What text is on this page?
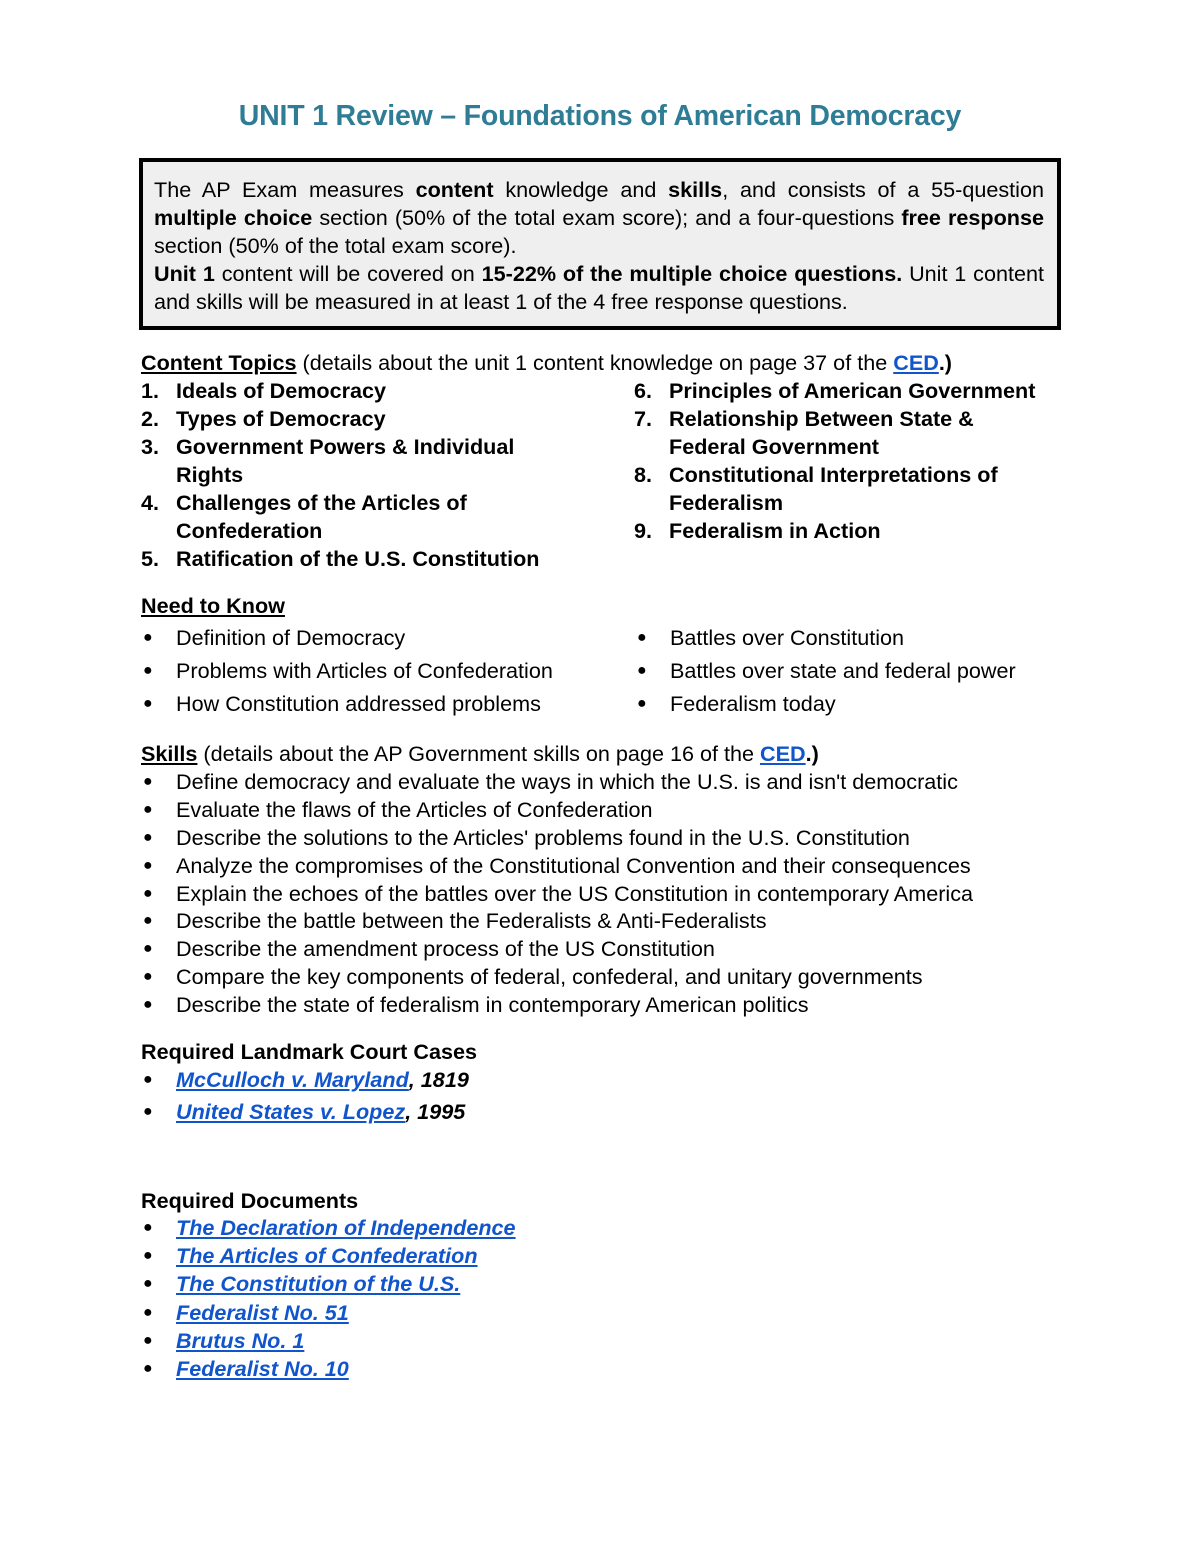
UNIT 1 Review – Foundations of American Democracy

The AP Exam measures content knowledge and skills, and consists of a 55-question multiple choice section (50% of the total exam score); and a four-questions free response section (50% of the total exam score).

Unit 1 content will be covered on 15-22% of the multiple choice questions. Unit 1 content and skills will be measured in at least 1 of the 4 free response questions.

Content Topics (details about the unit 1 content knowledge on page 37 of the CED.)
1. Ideals of Democracy
2. Types of Democracy
3. Government Powers & Individual Rights
4. Challenges of the Articles of Confederation
5. Ratification of the U.S. Constitution
6. Principles of American Government
7. Relationship Between State & Federal Government
8. Constitutional Interpretations of Federalism
9. Federalism in Action
Need to Know
● Definition of Democracy
● Problems with Articles of Confederation
● How Constitution addressed problems
● Battles over Constitution
● Battles over state and federal power
● Federalism today
Skills (details about the AP Government skills on page 16 of the CED.)
● Define democracy and evaluate the ways in which the U.S. is and isn't democratic
● Evaluate the flaws of the Articles of Confederation
● Describe the solutions to the Articles' problems found in the U.S. Constitution
● Analyze the compromises of the Constitutional Convention and their consequences
● Explain the echoes of the battles over the US Constitution in contemporary America
● Describe the battle between the Federalists & Anti-Federalists
● Describe the amendment process of the US Constitution
● Compare the key components of federal, confederal, and unitary governments
● Describe the state of federalism in contemporary American politics
Required Landmark Court Cases
● McCulloch v. Maryland, 1819
● United States v. Lopez, 1995
Required Documents
● The Declaration of Independence
● The Articles of Confederation
● The Constitution of the U.S.
● Federalist No. 51
● Brutus No. 1
● Federalist No. 10
